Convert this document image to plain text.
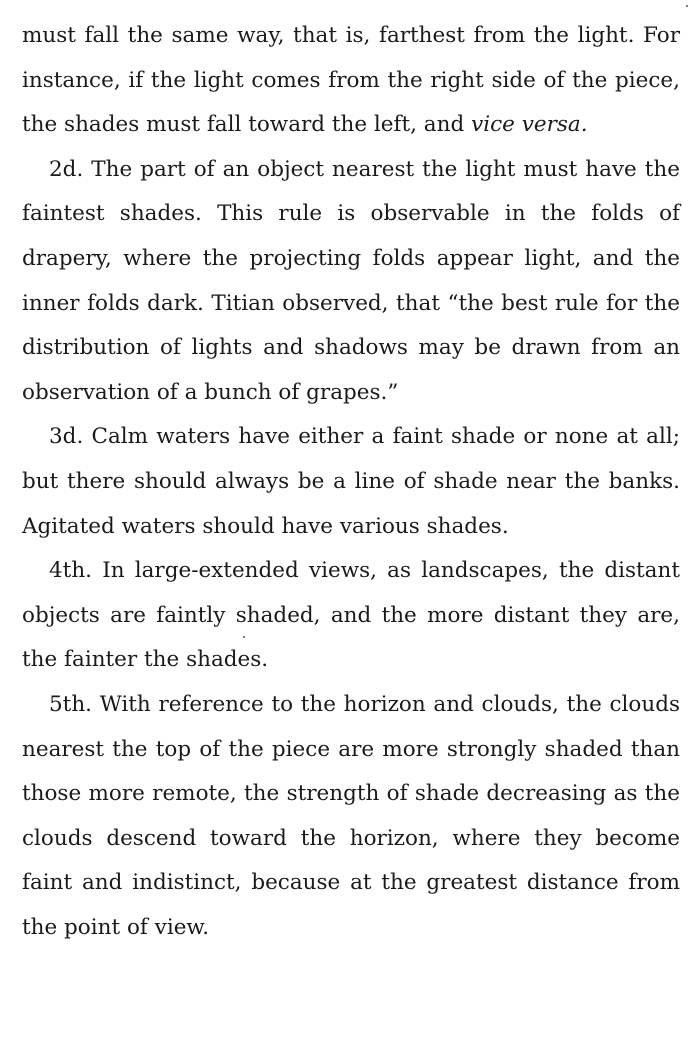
must fall the same way, that is, farthest from the light. For instance, if the light comes from the right side of the piece, the shades must fall toward the left, and vice versa.

2d. The part of an object nearest the light must have the faintest shades. This rule is observable in the folds of drapery, where the projecting folds appear light, and the inner folds dark. Titian observed, that “the best rule for the distribution of lights and shadows may be drawn from an observation of a bunch of grapes.”

3d. Calm waters have either a faint shade or none at all; but there should always be a line of shade near the banks. Agitated waters should have various shades.

4th. In large-extended views, as landscapes, the distant objects are faintly shaded, and the more distant they are, the fainter the shades.

5th. With reference to the horizon and clouds, the clouds nearest the top of the piece are more strongly shaded than those more remote, the strength of shade decreasing as the clouds descend toward the horizon, where they become faint and indistinct, because at the greatest distance from the point of view.
